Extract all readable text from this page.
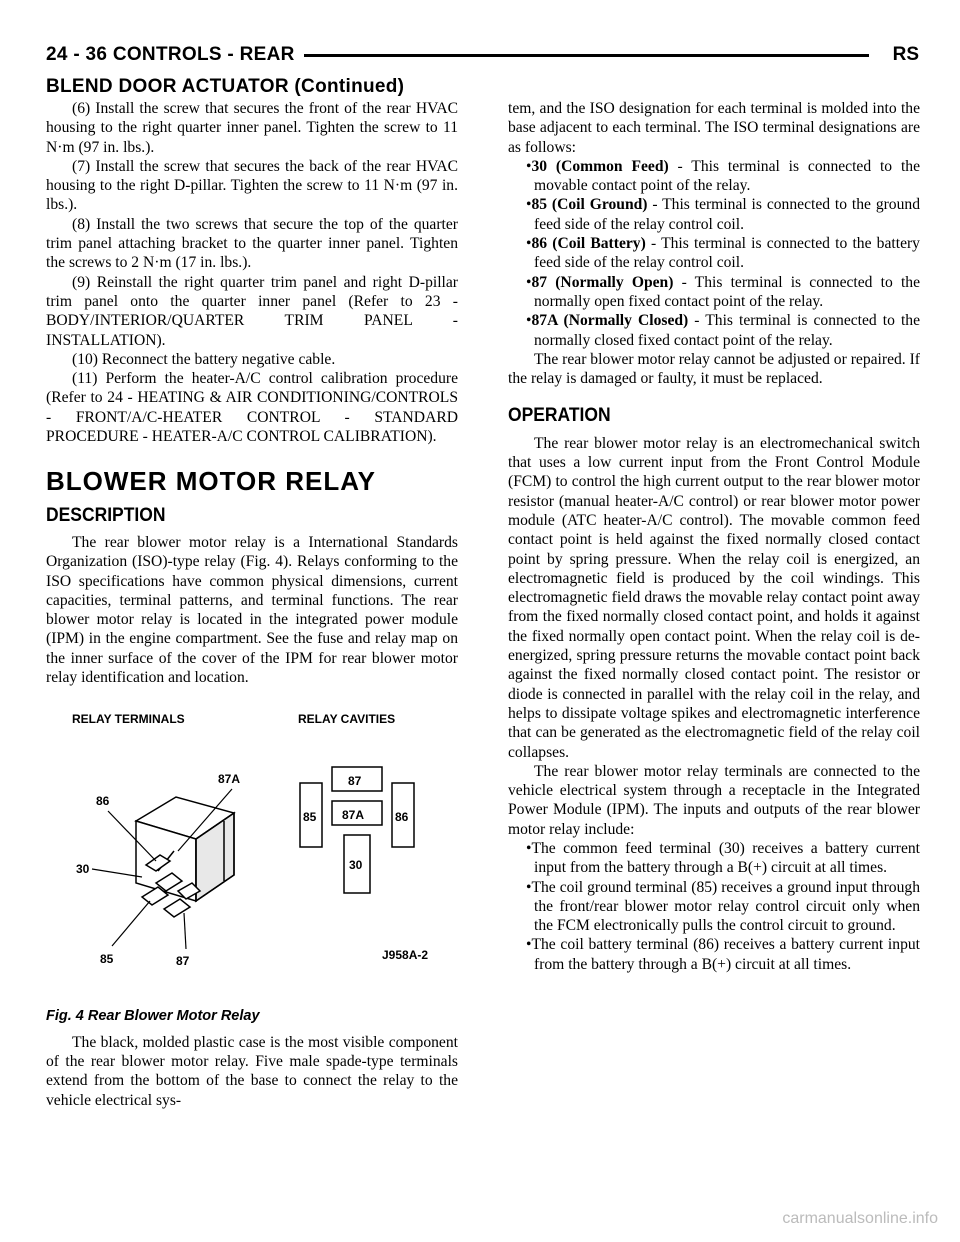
24 - 36 CONTROLS - REAR	RS
BLEND DOOR ACTUATOR (Continued)

(6) Install the screw that secures the front of the rear HVAC housing to the right quarter inner panel. Tighten the screw to 11 N·m (97 in. lbs.).

(7) Install the screw that secures the back of the rear HVAC housing to the right D-pillar. Tighten the screw to 11 N·m (97 in. lbs.).

(8) Install the two screws that secure the top of the quarter trim panel attaching bracket to the quarter inner panel. Tighten the screws to 2 N·m (17 in. lbs.).

(9) Reinstall the right quarter trim panel and right D-pillar trim panel onto the quarter inner panel (Refer to 23 - BODY/INTERIOR/QUARTER TRIM PANEL - INSTALLATION).

(10) Reconnect the battery negative cable.

(11) Perform the heater-A/C control calibration procedure (Refer to 24 - HEATING & AIR CONDITIONING/CONTROLS - FRONT/A/C-HEATER CONTROL - STANDARD PROCEDURE - HEATER-A/C CONTROL CALIBRATION).

BLOWER MOTOR RELAY
DESCRIPTION

The rear blower motor relay is a International Standards Organization (ISO)-type relay (Fig. 4). Relays conforming to the ISO specifications have common physical dimensions, current capacities, terminal patterns, and terminal functions. The rear blower motor relay is located in the integrated power module (IPM) in the engine compartment. See the fuse and relay map on the inner surface of the cover of the IPM for rear blower motor relay identification and location.

RELAY TERMINALS	RELAY CAVITIES
86
87A
30
85	87
87
87A
85	86
30
J958A-2
Fig. 4 Rear Blower Motor Relay

The black, molded plastic case is the most visible component of the rear blower motor relay. Five male spade-type terminals extend from the bottom of the base to connect the relay to the vehicle electrical sys-

tem, and the ISO designation for each terminal is molded into the base adjacent to each terminal. The ISO terminal designations are as follows:

•30 (Common Feed) - This terminal is connected to the movable contact point of the relay.

•85 (Coil Ground) - This terminal is connected to the ground feed side of the relay control coil.

•86 (Coil Battery) - This terminal is connected to the battery feed side of the relay control coil.

•87 (Normally Open) - This terminal is connected to the normally open fixed contact point of the relay.

•87A (Normally Closed) - This terminal is connected to the normally closed fixed contact point of the relay.

The rear blower motor relay cannot be adjusted or repaired. If the relay is damaged or faulty, it must be replaced.

OPERATION

The rear blower motor relay is an electromechanical switch that uses a low current input from the Front Control Module (FCM) to control the high current output to the rear blower motor resistor (manual heater-A/C control) or rear blower motor power module (ATC heater-A/C control). The movable common feed contact point is held against the fixed normally closed contact point by spring pressure. When the relay coil is energized, an electromagnetic field is produced by the coil windings. This electromagnetic field draws the movable relay contact point away from the fixed normally closed contact point, and holds it against the fixed normally open contact point. When the relay coil is de-energized, spring pressure returns the movable contact point back against the fixed normally closed contact point. The resistor or diode is connected in parallel with the relay coil in the relay, and helps to dissipate voltage spikes and electromagnetic interference that can be generated as the electromagnetic field of the relay coil collapses.

The rear blower motor relay terminals are connected to the vehicle electrical system through a receptacle in the Integrated Power Module (IPM). The inputs and outputs of the rear blower motor relay include:

•The common feed terminal (30) receives a battery current input from the battery through a B(+) circuit at all times.

•The coil ground terminal (85) receives a ground input through the front/rear blower motor relay control circuit only when the FCM electronically pulls the control circuit to ground.

•The coil battery terminal (86) receives a battery current input from the battery through a B(+) circuit at all times.

carmanualsonline.info
